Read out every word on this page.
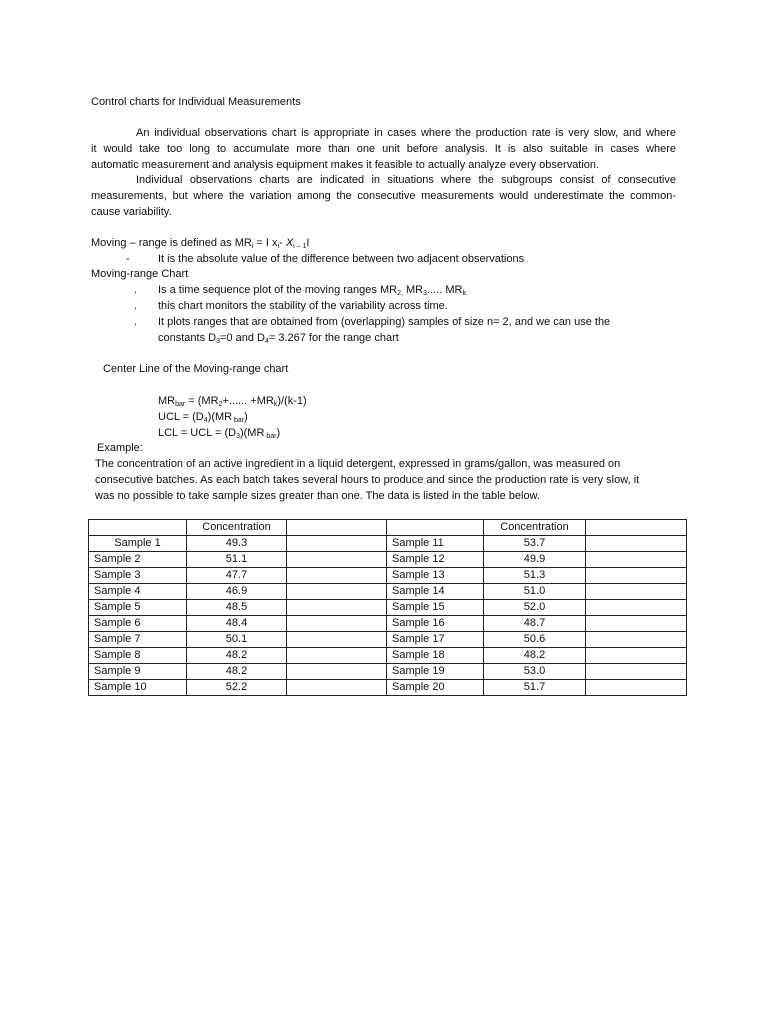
Control charts for Individual Measurements
An individual observations chart is appropriate in cases where the production rate is very slow, and where
it would take too long to accumulate more than one unit before analysis. It is also suitable in cases where
automatic measurement and analysis equipment makes it feasible to actually analyze every observation.
Individual observations charts are indicated in situations where the subgroups consist of consecutive
measurements, but where the variation among the consecutive measurements would underestimate the common-
cause variability.
Moving – range is defined as $MR_i = I$ $x_i-$ $X_{i - 1}I$
-	It is the absolute value of the difference between two adjacent observations
Moving-range Chart
. Is a time sequence plot of the moving ranges $MR_{2,}$ $MR_3$..... $MR_{k.}$
. this chart monitors the stability of the variability across time.
. It plots ranges that are obtained from (overlapping) samples of size n= 2, and we can use the
constants $D_3=0$ and $D_4= 3.267$ for the range chart
Center Line of the Moving-range chart
$MR_{bar} = (MR_2+$...... $+MR_k)/(k-1)$
UCL = $(D_4)(MR$ $_{bar}$)
LCL = UCL = $(D_3)(MR$ $_{bar}$)
Example:
The concentration of an active ingredient in a liquid detergent, expressed in grams/gallon, was measured on
consecutive batches. As each batch takes several hours to produce and since the production rate is very slow, it
was no possible to take sample sizes greater than one. The data is listed in the table below.
	Concentration			Concentration	
Sample 1	49.3		Sample 11	53.7	
Sample 2	51.1		Sample 12	49.9	
Sample 3	47.7		Sample 13	51.3	
Sample 4	46.9		Sample 14	51.0	
Sample 5	48.5		Sample 15	52.0	
Sample 6	48.4		Sample 16	48.7	
Sample 7	50.1		Sample 17	50.6	
Sample 8	48.2		Sample 18	48.2	
Sample 9	48.2		Sample 19	53.0	
Sample 10	52.2		Sample 20	51.7	
